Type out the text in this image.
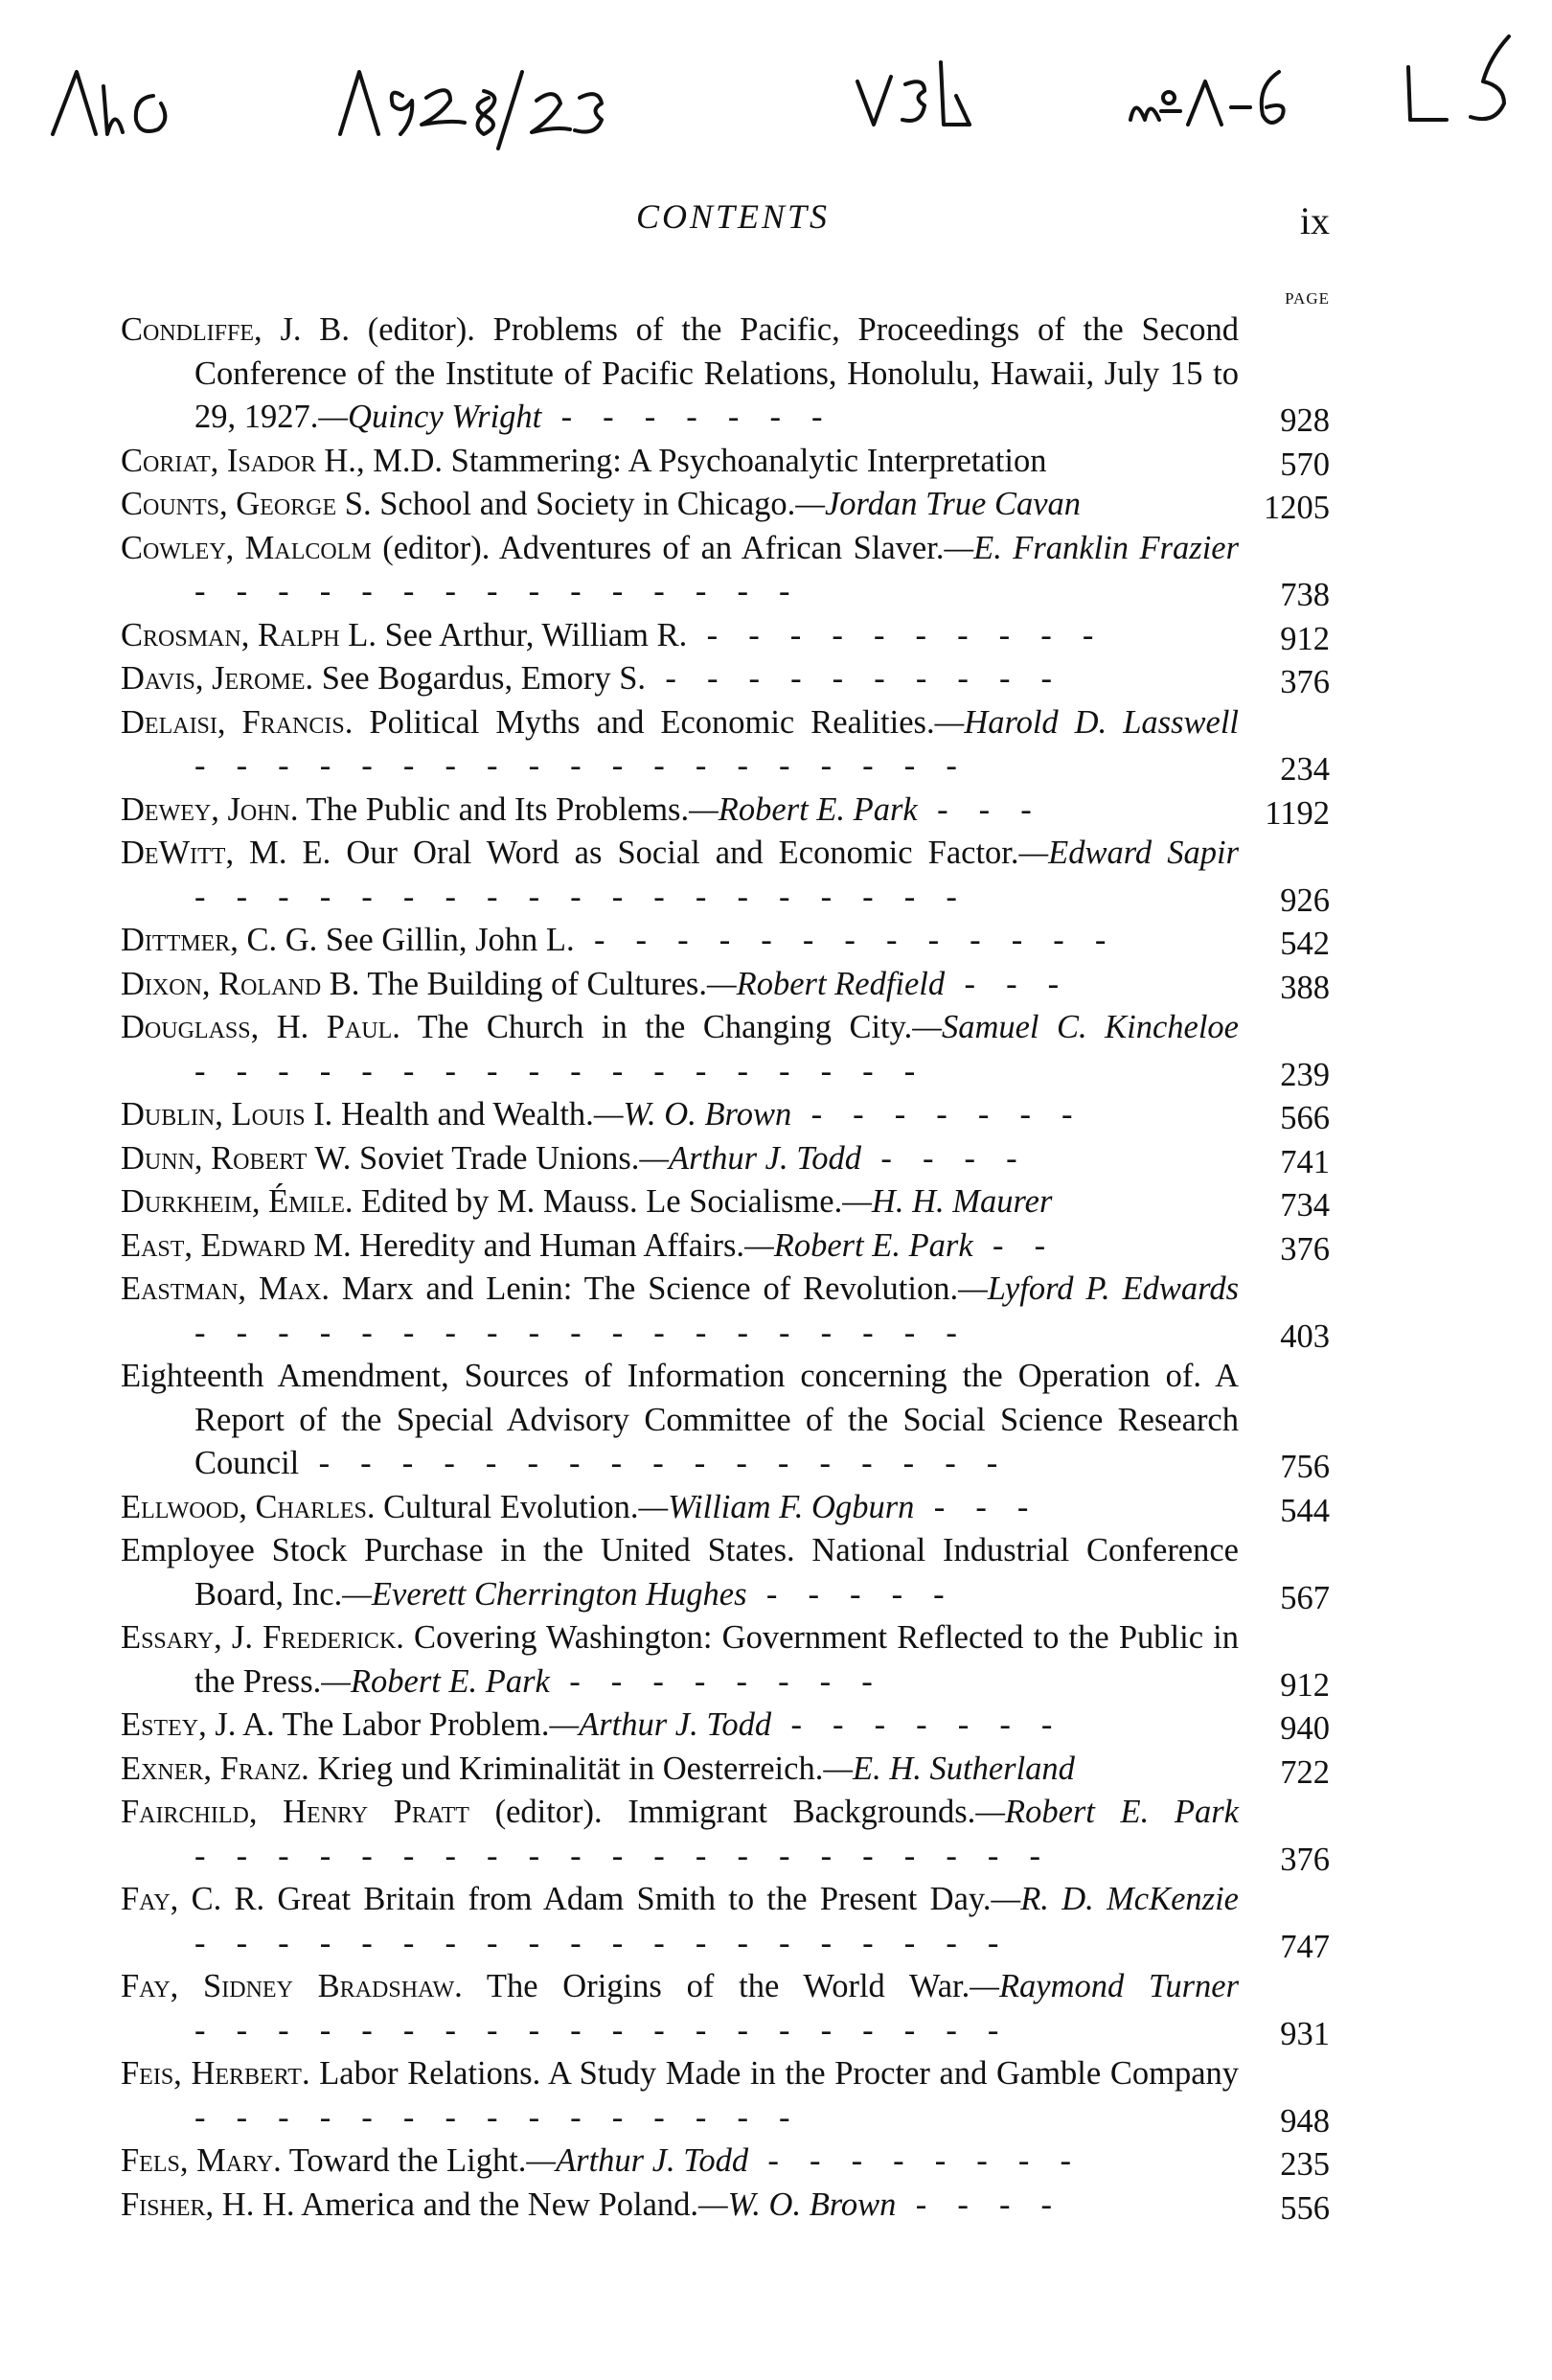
CONTENTS	ix
PAGE
Condliffe, J. B. (editor). Problems of the Pacific, Proceedings of the Second Conference of the Institute of Pacific Relations, Honolulu, Hawaii, July 15 to 29, 1927.—Quincy Wright - - - - - - -	928
Coriat, Isador H., M.D. Stammering: A Psychoanalytic Interpretation	570
Counts, George S. School and Society in Chicago.—Jordan True Cavan	1205
Cowley, Malcolm (editor). Adventures of an African Slaver.—E. Franklin Frazier - - - - - - - - - - - - - - -	738
Crosman, Ralph L. See Arthur, William R. - - - - - - - - - -	912
Davis, Jerome. See Bogardus, Emory S. - - - - - - - - - -	376
Delaisi, Francis. Political Myths and Economic Realities.—Harold D. Lasswell - - - - - - - - - - - - - - - - - - -	234
Dewey, John. The Public and Its Problems.—Robert E. Park - - -	1192
DeWitt, M. E. Our Oral Word as Social and Economic Factor.—Edward Sapir - - - - - - - - - - - - - - - - - - -	926
Dittmer, C. G. See Gillin, John L. - - - - - - - - - - - - -	542
Dixon, Roland B. The Building of Cultures.—Robert Redfield - - -	388
Douglass, H. Paul. The Church in the Changing City.—Samuel C. Kincheloe - - - - - - - - - - - - - - - - - -	239
Dublin, Louis I. Health and Wealth.—W. O. Brown - - - - - - -	566
Dunn, Robert W. Soviet Trade Unions.—Arthur J. Todd - - - -	741
Durkheim, Émile. Edited by M. Mauss. Le Socialisme.—H. H. Maurer	734
East, Edward M. Heredity and Human Affairs.—Robert E. Park - -	376
Eastman, Max. Marx and Lenin: The Science of Revolution.—Lyford P. Edwards - - - - - - - - - - - - - - - - - - -	403
Eighteenth Amendment, Sources of Information concerning the Operation of. A Report of the Special Advisory Committee of the Social Science Research Council - - - - - - - - - - - - - - - - -	756
Ellwood, Charles. Cultural Evolution.—William F. Ogburn - - -	544
Employee Stock Purchase in the United States. National Industrial Conference Board, Inc.—Everett Cherrington Hughes - - - - -	567
Essary, J. Frederick. Covering Washington: Government Reflected to the Public in the Press.—Robert E. Park - - - - - - - -	912
Estey, J. A. The Labor Problem.—Arthur J. Todd - - - - - - -	940
Exner, Franz. Krieg und Kriminalität in Oesterreich.—E. H. Sutherland	722
Fairchild, Henry Pratt (editor). Immigrant Backgrounds.—Robert E. Park - - - - - - - - - - - - - - - - - - - - -	376
Fay, C. R. Great Britain from Adam Smith to the Present Day.—R. D. McKenzie - - - - - - - - - - - - - - - - - - - -	747
Fay, Sidney Bradshaw. The Origins of the World War.—Raymond Turner - - - - - - - - - - - - - - - - - - - -	931
Feis, Herbert. Labor Relations. A Study Made in the Procter and Gamble Company - - - - - - - - - - - - - - -	948
Fels, Mary. Toward the Light.—Arthur J. Todd - - - - - - - -	235
Fisher, H. H. America and the New Poland.—W. O. Brown - - - -	556
